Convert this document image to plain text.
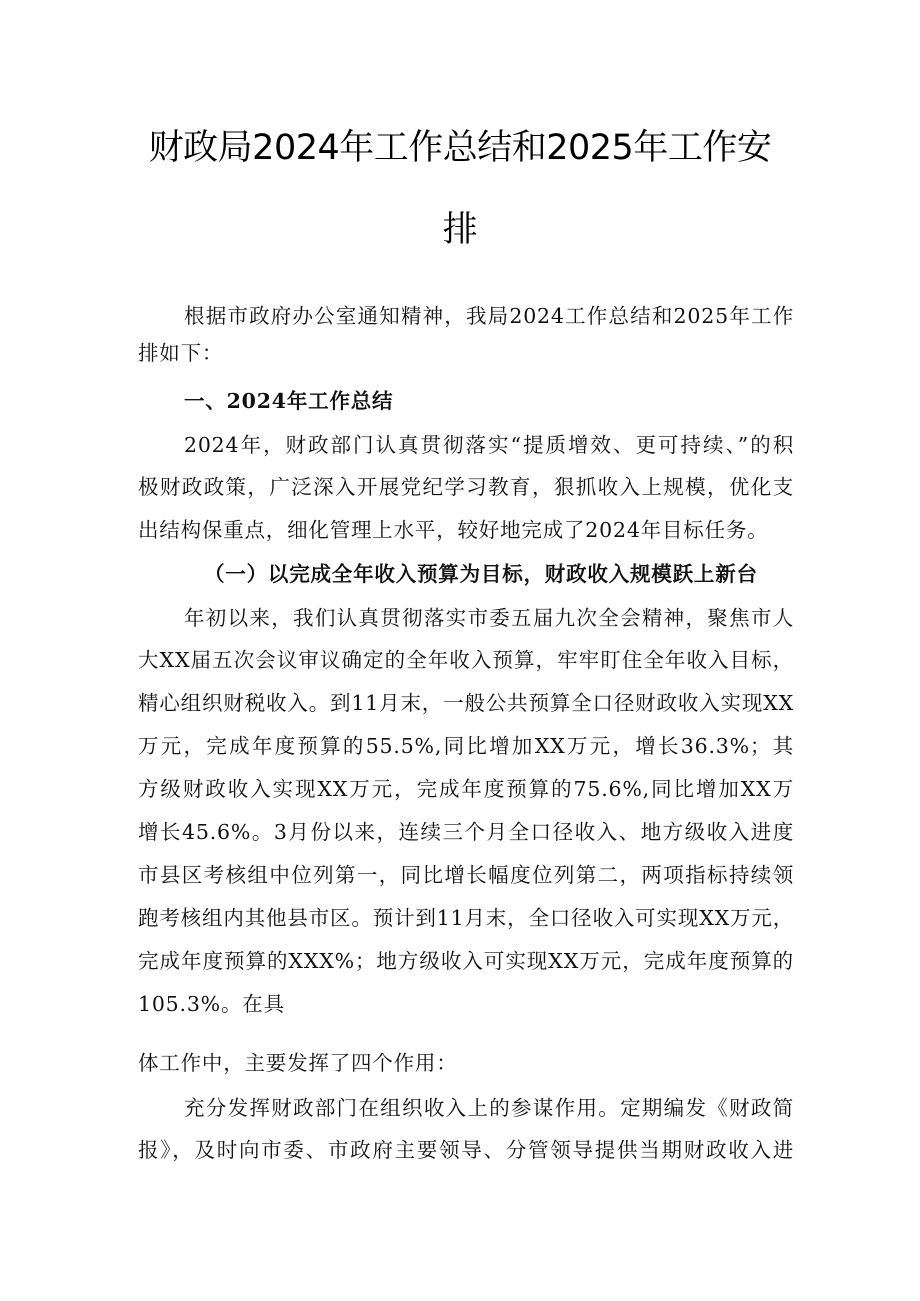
财政局2024年工作总结和2025年工作安
排

根据市政府办公室通知精神，我局2024工作总结和2025年工作

排如下：

一、2024年工作总结

2024年，财政部门认真贯彻落实“提质增效、更可持续、”的积

极财政政策，广泛深入开展党纪学习教育，狠抓收入上规模，优化支

出结构保重点，细化管理上水平，较好地完成了2024年目标任务。

（一）以完成全年收入预算为目标，财政收入规模跃上新台

年初以来，我们认真贯彻落实市委五届九次全会精神，聚焦市人

大XX届五次会议审议确定的全年收入预算，牢牢盯住全年收入目标，

精心组织财税收入。到11月末，一般公共预算全口径财政收入实现XX

万元，完成年度预算的55.5%,同比增加XX万元，增长36.3%；其

方级财政收入实现XX万元，完成年度预算的75.6%,同比增加XX万

增长45.6%。3月份以来，连续三个月全口径收入、地方级收入进度

市县区考核组中位列第一，同比增长幅度位列第二，两项指标持续领

跑考核组内其他县市区。预计到11月末，全口径收入可实现XX万元，

完成年度预算的XXX%；地方级收入可实现XX万元，完成年度预算的

105.3%。在具

体工作中，主要发挥了四个作用：

充分发挥财政部门在组织收入上的参谋作用。定期编发《财政简

报》，及时向市委、市政府主要领导、分管领导提供当期财政收入进
